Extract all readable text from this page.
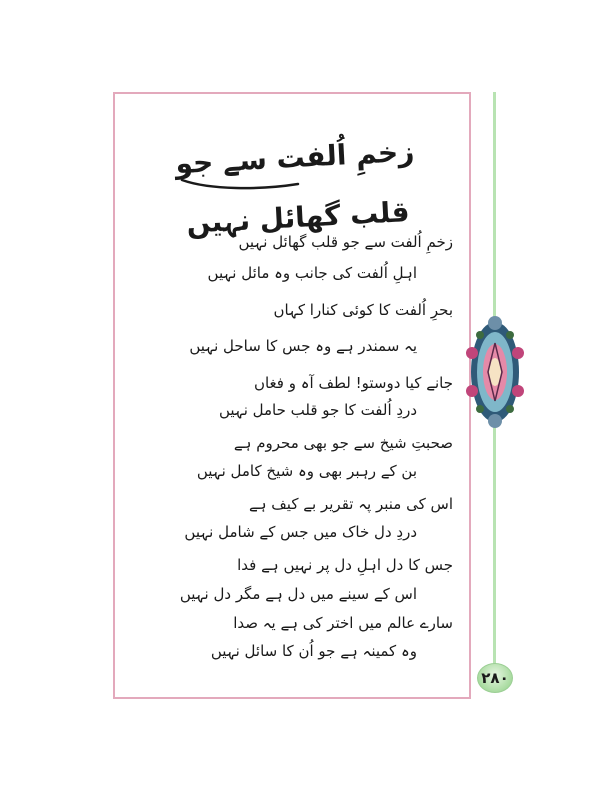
زخمِ اُلفت سے جو قلب گھائل نہیں
زخمِ اُلفت سے جو قلب گھائل نہیں
اہلِ اُلفت کی جانب وہ مائل نہیں
بحرِ اُلفت کا کوئی کنارا کہاں
یہ سمندر ہے وہ جس کا ساحل نہیں
جانے کیا دوستو! لطف آہ و فغاں
دردِ اُلفت کا جو قلب حامل نہیں
صحبتِ شیخ سے جو بھی محروم ہے
بن کے رہبر بھی وہ شیخ کامل نہیں
اس کی منبر پہ تقریر بے کیف ہے
دردِ دل خاک میں جس کے شامل نہیں
جس کا دل اہلِ دل پر نہیں ہے فدا
اس کے سینے میں دل ہے مگر دل نہیں
سارے عالم میں اختر کی ہے یہ صدا
وہ کمینہ ہے جو اُن کا سائل نہیں
۲۸۰
